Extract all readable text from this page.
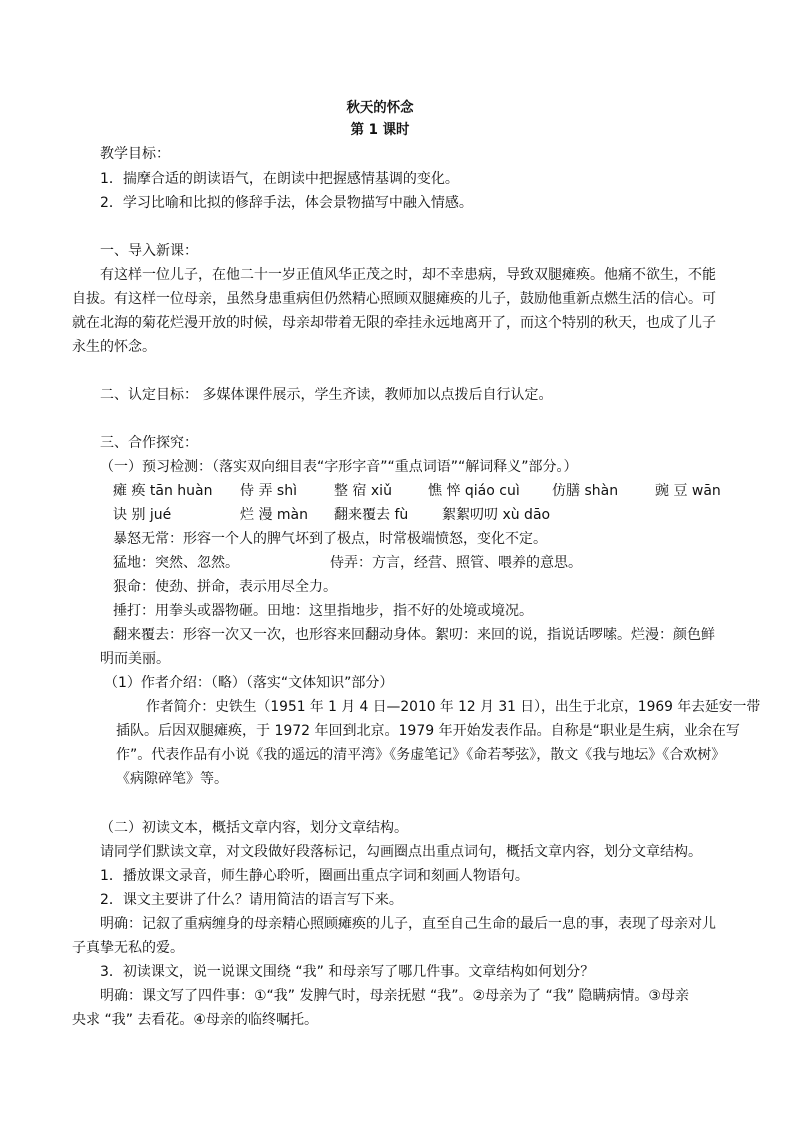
秋天的怀念
第 1 课时
教学目标：
1．揣摩合适的朗读语气，在朗读中把握感情基调的变化。
2．学习比喻和比拟的修辞手法，体会景物描写中融入情感。
一、导入新课：
有这样一位儿子，在他二十一岁正值风华正茂之时，却不幸患病，导致双腿瘫痪。他痛不欲生，不能
自拔。有这样一位母亲，虽然身患重病但仍然精心照顾双腿瘫痪的儿子，鼓励他重新点燃生活的信心。可
就在北海的菊花烂漫开放的时候，母亲却带着无限的牵挂永远地离开了，而这个特别的秋天，也成了儿子
永生的怀念。
二、认定目标： 多媒体课件展示，学生齐读，教师加以点拨后自行认定。
三、合作探究：
（一）预习检测：（落实双向细目表“字形字音”“重点词语”“解词释义”部分。）
瘫 痪 tān huàn 侍 弄 shì	整 宿 xiǔ	憔 悴 qiáo cuì 仿膳 shàn	豌 豆 wān
诀 别 jué	烂 漫 màn 翻来覆去 fù 絮絮叨叨 xù dāo
暴怒无常：形容一个人的脾气坏到了极点，时常极端愤怒，变化不定。
猛地：突然、忽然。	侍弄：方言，经营、照管、喂养的意思。
狠命：使劲、拼命，表示用尽全力。
捶打：用拳头或器物砸。田地：这里指地步，指不好的处境或境况。
翻来覆去：形容一次又一次，也形容来回翻动身体。絮叨：来回的说，指说话啰嗦。烂漫：颜色鲜
明而美丽。
（1）作者介绍：（略）（落实“文体知识”部分）
作者简介：史铁生（1951 年 1 月 4 日—2010 年 12 月 31 日），出生于北京，1969 年去延安一带
插队。后因双腿瘫痪，于 1972 年回到北京。1979 年开始发表作品。自称是“职业是生病，业余在写
作”。代表作品有小说《我的遥远的清平湾》《务虚笔记》《命若琴弦》，散文《我与地坛》《合欢树》
《病隙碎笔》等。
（二）初读文本，概括文章内容，划分文章结构。
请同学们默读文章，对文段做好段落标记，勾画圈点出重点词句，概括文章内容，划分文章结构。
1．播放课文录音，师生静心聆听，圈画出重点字词和刻画人物语句。
2．课文主要讲了什么？请用简洁的语言写下来。
明确：记叙了重病缠身的母亲精心照顾瘫痪的儿子，直至自己生命的最后一息的事，表现了母亲对儿
子真挚无私的爱。
3．初读课文，说一说课文围绕 “我” 和母亲写了哪几件事。文章结构如何划分？
明确：课文写了四件事：①“我” 发脾气时，母亲抚慰 “我”。②母亲为了 “我” 隐瞒病情。③母亲
央求 “我” 去看花。④母亲的临终嘱托。
